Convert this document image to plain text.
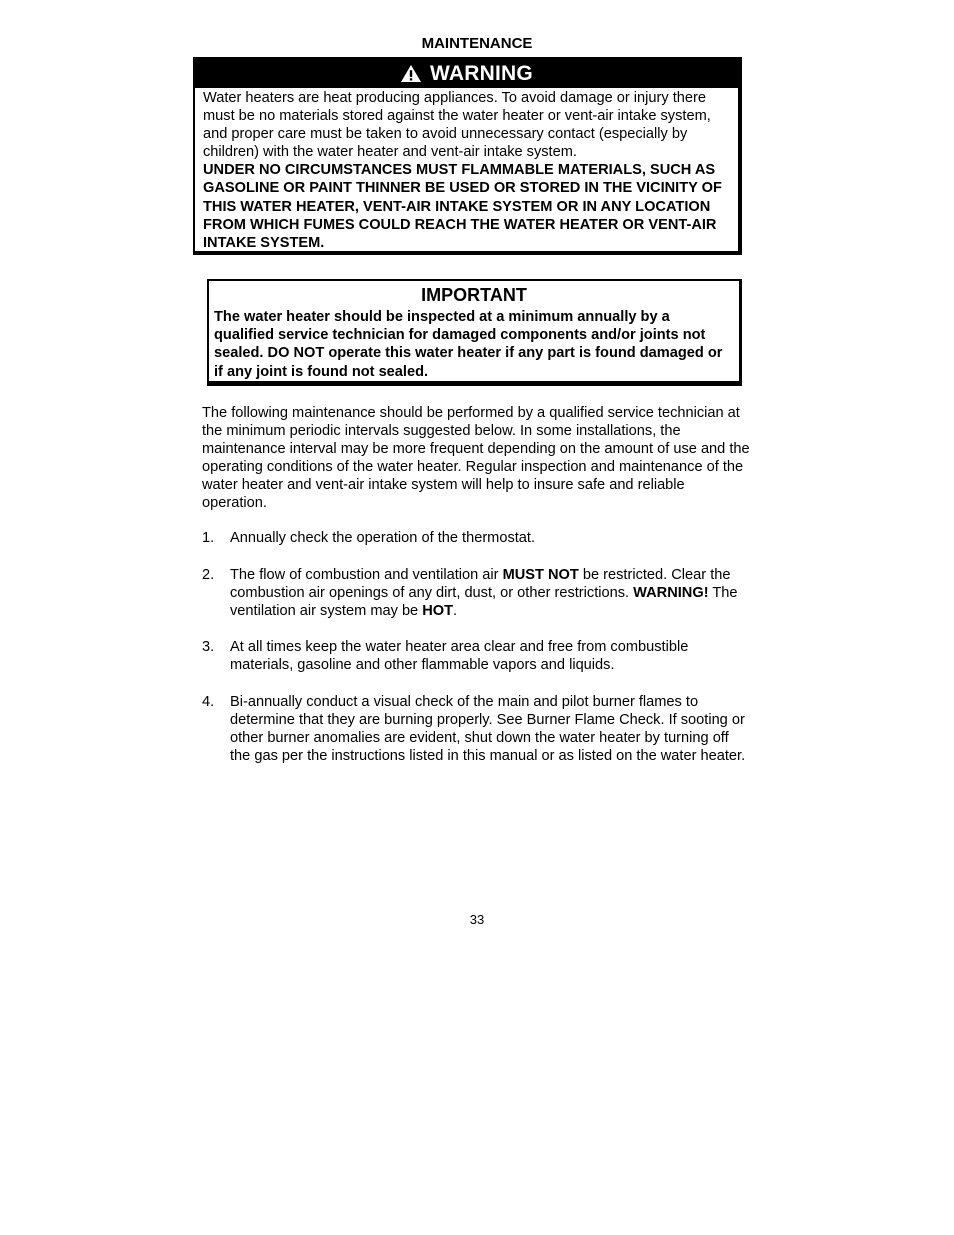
MAINTENANCE
WARNING

Water heaters are heat producing appliances. To avoid damage or injury there must be no materials stored against the water heater or vent-air intake system, and proper care must be taken to avoid unnecessary contact (especially by children) with the water heater and vent-air intake system.

UNDER NO CIRCUMSTANCES MUST FLAMMABLE MATERIALS, SUCH AS GASOLINE OR PAINT THINNER BE USED OR STORED IN THE VICINITY OF THIS WATER HEATER, VENT-AIR INTAKE SYSTEM OR IN ANY LOCATION FROM WHICH FUMES COULD REACH THE WATER HEATER OR VENT-AIR INTAKE SYSTEM.

IMPORTANT

The water heater should be inspected at a minimum annually by a qualified service technician for damaged components and/or joints not sealed. DO NOT operate this water heater if any part is found damaged or if any joint is found not sealed.

The following maintenance should be performed by a qualified service technician at the minimum periodic intervals suggested below. In some installations, the maintenance interval may be more frequent depending on the amount of use and the operating conditions of the water heater. Regular inspection and maintenance of the water heater and vent-air intake system will help to insure safe and reliable operation.

1.	Annually check the operation of the thermostat.
2.	The flow of combustion and ventilation air MUST NOT be restricted. Clear the combustion air openings of any dirt, dust, or other restrictions. WARNING! The ventilation air system may be HOT.
3.	At all times keep the water heater area clear and free from combustible materials, gasoline and other flammable vapors and liquids.
4.	Bi-annually conduct a visual check of the main and pilot burner flames to determine that they are burning properly. See Burner Flame Check. If sooting or other burner anomalies are evident, shut down the water heater by turning off the gas per the instructions listed in this manual or as listed on the water heater.
33
